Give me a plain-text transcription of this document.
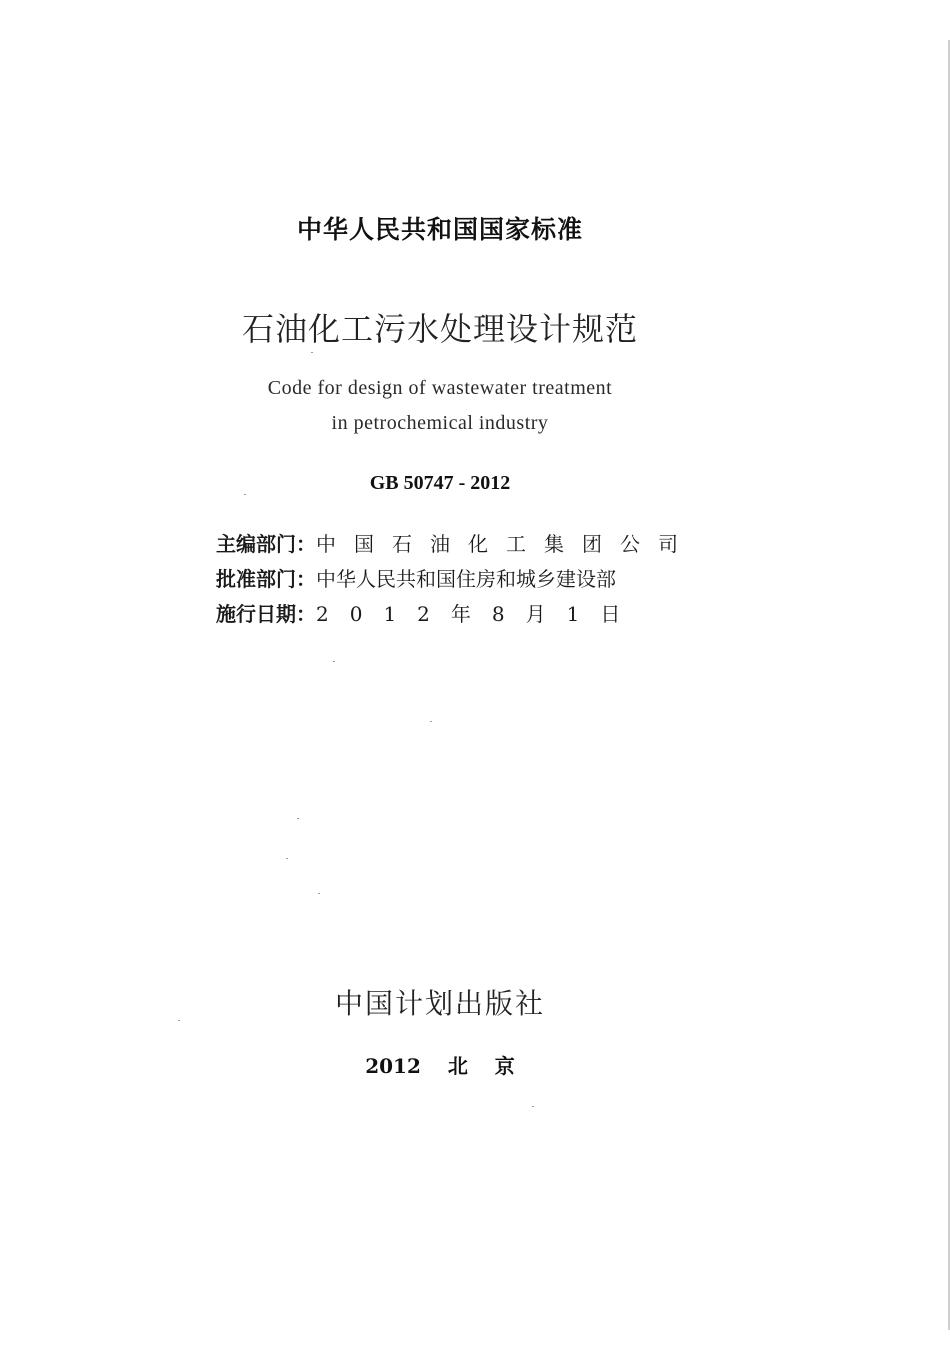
中华人民共和国国家标准
石油化工污水处理设计规范
Code for design of wastewater treatment
in petrochemical industry
GB 50747 - 2012
主编部门： 中国石油化工集团公司
批准部门： 中华人民共和国住房和城乡建设部
施行日期： 2012年8月1日
中国计划出版社
2012 北 京
